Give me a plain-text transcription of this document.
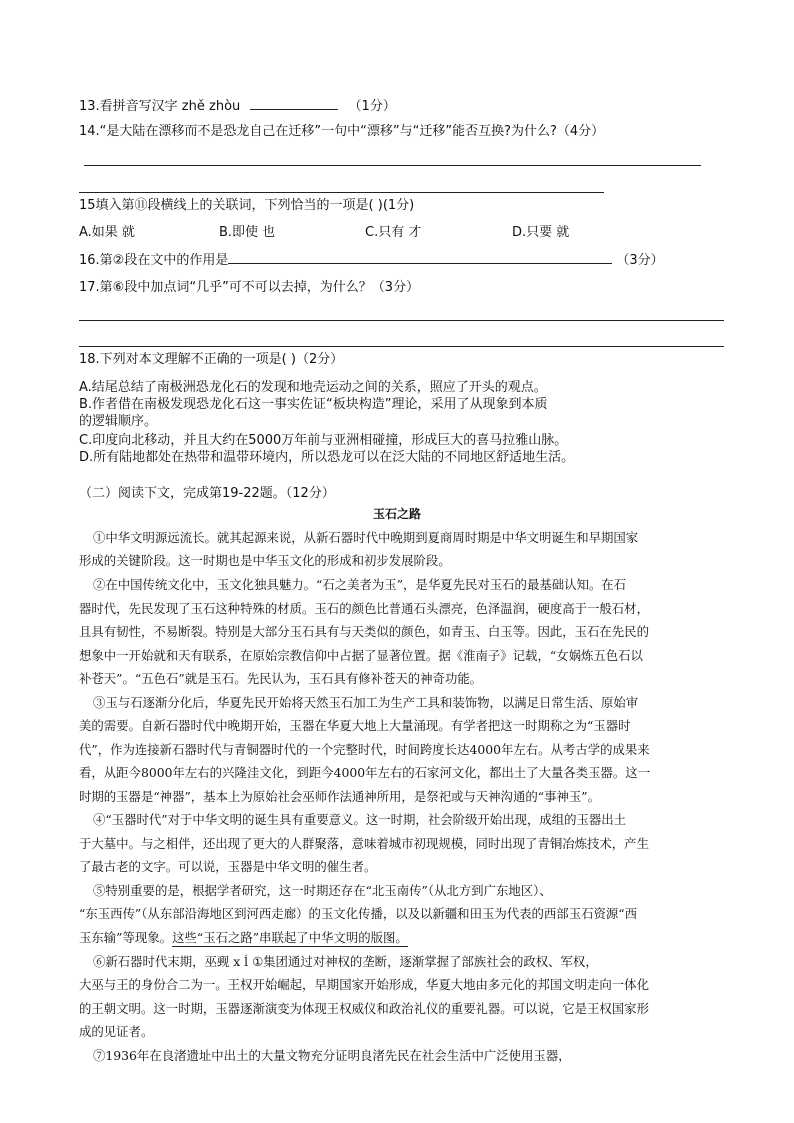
13.看拼音写汉字 zhě zhòu	（1分）
14.“是大陆在漂移而不是恐龙自己在迁移”一句中“漂移”与“迁移”能否互换?为什么?（4分）
15填入第⑪段横线上的关联词，下列恰当的一项是( )(1分)
A.如果 就	B.即使 也	C.只有 才	D.只要 就
16.第②段在文中的作用是	（3分）
17.第⑥段中加点词“几乎”可不可以去掉，为什么？（3分）
18.下列对本文理解不正确的一项是( )（2分）
A.结尾总结了南极洲恐龙化石的发现和地壳运动之间的关系，照应了开头的观点。
B.作者借在南极发现恐龙化石这一事实佐证“板块构造”理论，采用了从现象到本质
的逻辑顺序。
C.印度向北移动，并且大约在5000万年前与亚洲相碰撞，形成巨大的喜马拉雅山脉。
D.所有陆地都处在热带和温带环境内，所以恐龙可以在泛大陆的不同地区舒适地生活。
（二）阅读下文，完成第19-22题。（12分）
玉石之路
①中华文明源远流长。就其起源来说，从新石器时代中晚期到夏商周时期是中华文明诞生和早期国家
形成的关键阶段。这一时期也是中华玉文化的形成和初步发展阶段。
②在中国传统文化中，玉文化独具魅力。“石之美者为玉”，是华夏先民对玉石的最基础认知。在石
器时代，先民发现了玉石这种特殊的材质。玉石的颜色比普通石头漂亮，色泽温润，硬度高于一般石材，
且具有韧性，不易断裂。特别是大部分玉石具有与天类似的颜色，如青玉、白玉等。因此，玉石在先民的
想象中一开始就和天有联系，在原始宗教信仰中占据了显著位置。据《淮南子》记载，“女娲炼五色石以
补苍天”。“五色石”就是玉石。先民认为，玉石具有修补苍天的神奇功能。
③玉与石逐渐分化后，华夏先民开始将天然玉石加工为生产工具和装饰物，以满足日常生活、原始审
美的需要。自新石器时代中晚期开始，玉器在华夏大地上大量涌现。有学者把这一时期称之为“玉器时
代”，作为连接新石器时代与青铜器时代的一个完整时代，时间跨度长达4000年左右。从考古学的成果来
看，从距今8000年左右的兴隆洼文化，到距今4000年左右的石家河文化，都出土了大量各类玉器。这一
时期的玉器是“神器”，基本上为原始社会巫师作法通神所用，是祭祀或与天神沟通的“事神玉”。
④“玉器时代”对于中华文明的诞生具有重要意义。这一时期，社会阶级开始出现，成组的玉器出土
于大墓中。与之相伴，还出现了更大的人群聚落，意味着城市初现规模，同时出现了青铜冶炼技术，产生
了最古老的文字。可以说，玉器是中华文明的催生者。
⑤特别重要的是，根据学者研究，这一时期还存在“北玉南传”（从北方到广东地区）、
“东玉西传”（从东部沿海地区到河西走廊）的玉文化传播，以及以新疆和田玉为代表的西部玉石资源“西
玉东输”等现象。这些“玉石之路”串联起了中华文明的版图。
⑥新石器时代末期，巫觋 x ĺ ①集团通过对神权的垄断，逐渐掌握了部族社会的政权、军权，
大巫与王的身份合二为一。王权开始崛起，早期国家开始形成，华夏大地由多元化的邦国文明走向一体化
的王朝文明。这一时期，玉器逐渐演变为体现王权威仪和政治礼仪的重要礼器。可以说，它是王权国家形
成的见证者。
⑦1936年在良渚遗址中出土的大量文物充分证明良渚先民在社会生活中广泛使用玉器，
